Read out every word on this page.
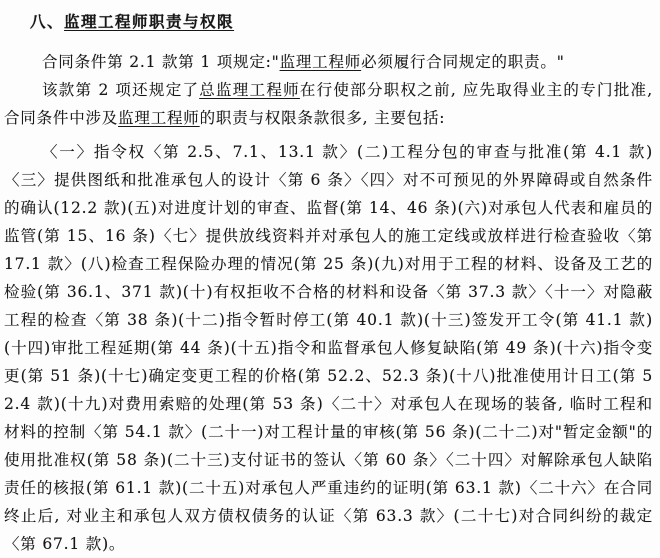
八、监理工程师职责与权限

合同条件第 2.1 款第 1 项规定:"监理工程师必须履行合同规定的职责。"

该款第 2 项还规定了总监理工程师在行使部分职权之前, 应先取得业主的专门批准, 合同条件中涉及监理工程师的职责与权限条款很多, 主要包括:

〈一〉指令权〈第 2.5、7.1、13.1 款〉(二)工程分包的审查与批准(第 4.1 款)〈三〉提供图纸和批准承包人的设计〈第 6 条〉〈四〉对不可预见的外界障碍或自然条件的确认(12.2 款)(五)对进度计划的审查、监督(第 14、46 条)(六)对承包人代表和雇员的监管(第 15、16 条)〈七〉提供放线资料并对承包人的施工定线或放样进行检查验收〈第 17.1 款〉(八)检查工程保险办理的情况(第 25 条)(九)对用于工程的材料、设备及工艺的检验(第 36.1、371 款)(十)有权拒收不合格的材料和设备〈第 37.3 款〉〈十一〉对隐蔽工程的检查〈第 38 条)(十二)指令暂时停工(第 40.1 款)(十三)签发开工令(第 41.1 款)(十四)审批工程延期(第 44 条)(十五)指令和监督承包人修复缺陷(第 49 条)(十六)指令变更(第 51 条)(十七)确定变更工程的价格(第 52.2、52.3 条)(十八)批准使用计日工(第 52.4 款)(十九)对费用索赔的处理(第 53 条)〈二十〉对承包人在现场的装备, 临时工程和材料的控制〈第 54.1 款〉(二十一)对工程计量的审核(第 56 条)(二十二)对"暂定金额"的使用批准权(第 58 条)(二十三)支付证书的签认〈第 60 条〉〈二十四〉对解除承包人缺陷责任的核报(第 61.1 款)(二十五)对承包人严重违约的证明(第 63.1 款)〈二十六〉在合同终止后, 对业主和承包人双方债权债务的认证〈第 63.3 款〉(二十七)对合同纠纷的裁定〈第 67.1 款)。
